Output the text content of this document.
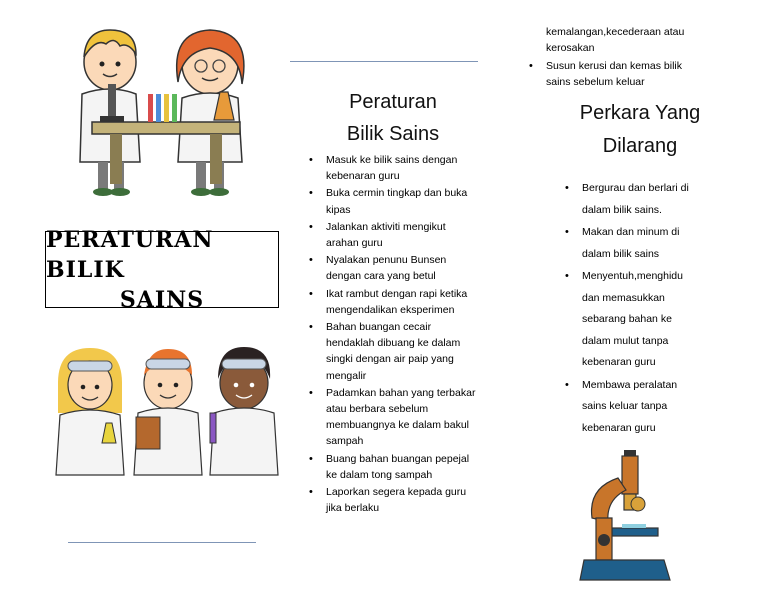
PERATURAN BILIK
SAINS
Peraturan
Bilik Sains
• Masuk ke bilik sains dengan kebenaran guru
• Buka cermin tingkap dan buka kipas
• Jalankan aktiviti mengikut arahan guru
• Nyalakan penunu Bunsen dengan cara yang betul
• Ikat rambut dengan rapi ketika mengendalikan eksperimen
• Bahan buangan cecair hendaklah dibuang ke dalam singki dengan air paip yang mengalir
• Padamkan bahan yang terbakar atau berbara sebelum membuangnya ke dalam bakul sampah
• Buang bahan buangan pepejal ke dalam tong sampah
• Laporkan segera kepada guru jika berlaku
kemalangan,kecederaan atau kerosakan
• Susun kerusi dan kemas bilik sains sebelum keluar
Perkara Yang
Dilarang
• Bergurau dan berlari di dalam bilik sains.
• Makan dan minum di dalam bilik sains
• Menyentuh,menghidu dan memasukkan sebarang bahan ke dalam mulut tanpa kebenaran guru
• Membawa peralatan sains keluar tanpa kebenaran guru
